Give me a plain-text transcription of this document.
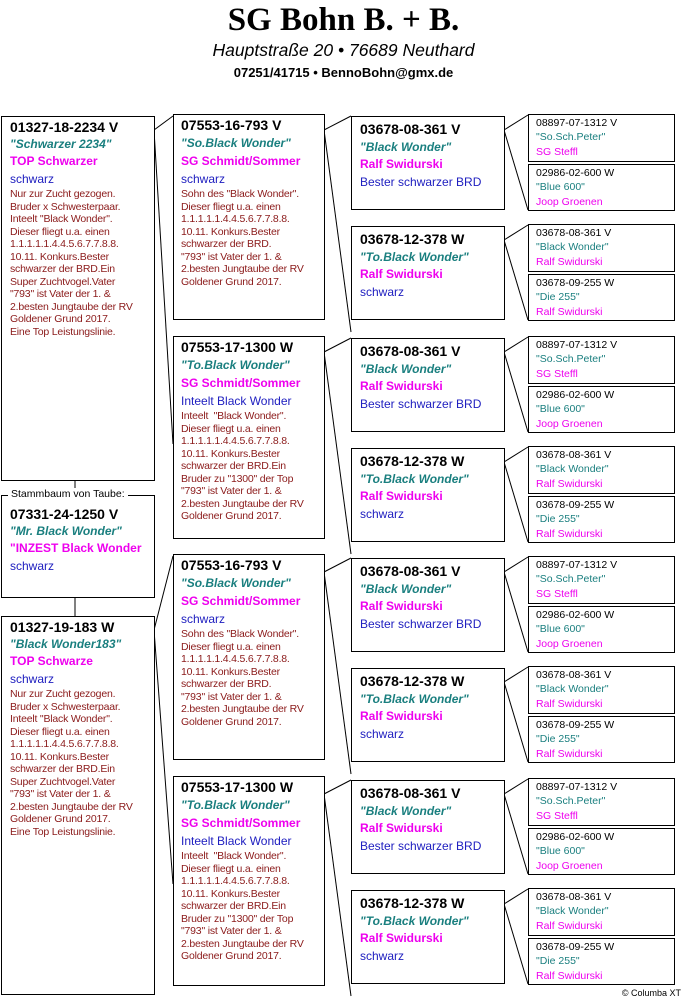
SG Bohn B. + B.
Hauptstraße 20 • 76689 Neuthard
07251/41715 • BennoBohn@gmx.de
01327-18-2234 V
"Schwarzer 2234"
TOP Schwarzer
schwarz
Nur zur Zucht gezogen.
Bruder x Schwesterpaar.
Inteelt "Black Wonder".
Dieser fliegt u.a. einen
1.1.1.1.1.4.4.5.6.7.7.8.8.
10.11. Konkurs.Bester
schwarzer der BRD.Ein
Super Zuchtvogel.Vater
"793" ist Vater der 1. &
2.besten Jungtaube der RV
Goldener Grund 2017.
Eine Top Leistungslinie.
07331-24-1250 V
"Mr. Black Wonder"
"INZEST Black Wonder
schwarz
Stammbaum von Taube:
01327-19-183 W
"Black Wonder183"
TOP Schwarze
schwarz
Nur zur Zucht gezogen.
Bruder x Schwesterpaar.
Inteelt "Black Wonder".
Dieser fliegt u.a. einen
1.1.1.1.1.4.4.5.6.7.7.8.8.
10.11. Konkurs.Bester
schwarzer der BRD.Ein
Super Zuchtvogel.Vater
"793" ist Vater der 1. &
2.besten Jungtaube der RV
Goldener Grund 2017.
Eine Top Leistungslinie.
07553-16-793 V
"So.Black Wonder"
SG Schmidt/Sommer
schwarz
Sohn des "Black Wonder".
Dieser fliegt u.a. einen
1.1.1.1.1.4.4.5.6.7.7.8.8.
10.11. Konkurs.Bester
schwarzer der BRD.
"793" ist Vater der 1. &
2.besten Jungtaube der RV
Goldener Grund 2017.
07553-17-1300 W
"To.Black Wonder"
SG Schmidt/Sommer
Inteelt Black Wonder
Inteelt  "Black Wonder".
Dieser fliegt u.a. einen
1.1.1.1.1.4.4.5.6.7.7.8.8.
10.11. Konkurs.Bester
schwarzer der BRD.Ein
Bruder zu "1300" der Top
"793" ist Vater der 1. &
2.besten Jungtaube der RV
Goldener Grund 2017.
07553-16-793 V
"So.Black Wonder"
SG Schmidt/Sommer
schwarz
Sohn des "Black Wonder".
Dieser fliegt u.a. einen
1.1.1.1.1.4.4.5.6.7.7.8.8.
10.11. Konkurs.Bester
schwarzer der BRD.
"793" ist Vater der 1. &
2.besten Jungtaube der RV
Goldener Grund 2017.
07553-17-1300 W
"To.Black Wonder"
SG Schmidt/Sommer
Inteelt Black Wonder
Inteelt  "Black Wonder".
Dieser fliegt u.a. einen
1.1.1.1.1.4.4.5.6.7.7.8.8.
10.11. Konkurs.Bester
schwarzer der BRD.Ein
Bruder zu "1300" der Top
"793" ist Vater der 1. &
2.besten Jungtaube der RV
Goldener Grund 2017.
03678-08-361 V
"Black Wonder"
Ralf Swidurski
Bester schwarzer BRD
03678-12-378 W
"To.Black Wonder"
Ralf Swidurski
schwarz
03678-08-361 V
"Black Wonder"
Ralf Swidurski
Bester schwarzer BRD
03678-12-378 W
"To.Black Wonder"
Ralf Swidurski
schwarz
03678-08-361 V
"Black Wonder"
Ralf Swidurski
Bester schwarzer BRD
03678-12-378 W
"To.Black Wonder"
Ralf Swidurski
schwarz
03678-08-361 V
"Black Wonder"
Ralf Swidurski
Bester schwarzer BRD
03678-12-378 W
"To.Black Wonder"
Ralf Swidurski
schwarz
08897-07-1312 V
"So.Sch.Peter"
SG Steffl
02986-02-600 W
"Blue 600"
Joop Groenen
03678-08-361 V
"Black Wonder"
Ralf Swidurski
03678-09-255 W
"Die 255"
Ralf Swidurski
08897-07-1312 V
"So.Sch.Peter"
SG Steffl
02986-02-600 W
"Blue 600"
Joop Groenen
03678-08-361 V
"Black Wonder"
Ralf Swidurski
03678-09-255 W
"Die 255"
Ralf Swidurski
08897-07-1312 V
"So.Sch.Peter"
SG Steffl
02986-02-600 W
"Blue 600"
Joop Groenen
03678-08-361 V
"Black Wonder"
Ralf Swidurski
03678-09-255 W
"Die 255"
Ralf Swidurski
08897-07-1312 V
"So.Sch.Peter"
SG Steffl
02986-02-600 W
"Blue 600"
Joop Groenen
03678-08-361 V
"Black Wonder"
Ralf Swidurski
03678-09-255 W
"Die 255"
Ralf Swidurski
© Columba XT
